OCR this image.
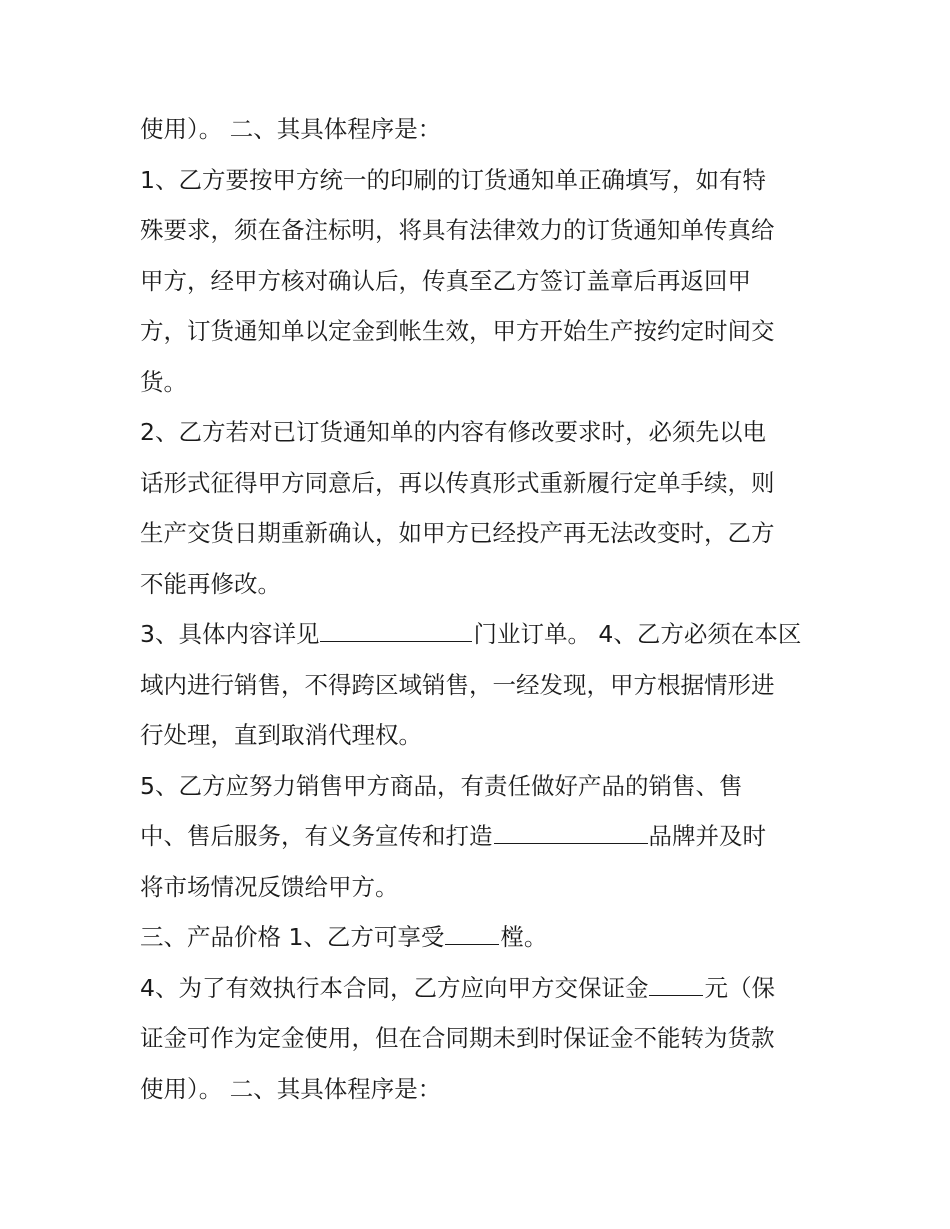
使用）。 二、其具体程序是：
1、乙方要按甲方统一的印刷的订货通知单正确填写，如有特
殊要求，须在备注标明，将具有法律效力的订货通知单传真给
甲方，经甲方核对确认后，传真至乙方签订盖章后再返回甲
方，订货通知单以定金到帐生效，甲方开始生产按约定时间交
货。
2、乙方若对已订货通知单的内容有修改要求时，必须先以电
话形式征得甲方同意后，再以传真形式重新履行定单手续，则
生产交货日期重新确认，如甲方已经投产再无法改变时，乙方
不能再修改。
3、具体内容详见	门业订单。 4、乙方必须在本区
域内进行销售，不得跨区域销售，一经发现，甲方根据情形进
行处理，直到取消代理权。
5、乙方应努力销售甲方商品，有责任做好产品的销售、售
中、售后服务，有义务宣传和打造	品牌并及时
将市场情况反馈给甲方。
三、产品价格 1、乙方可享受 樘。
4、为了有效执行本合同，乙方应向甲方交保证金 元（保
证金可作为定金使用，但在合同期未到时保证金不能转为货款
使用）。 二、其具体程序是：
